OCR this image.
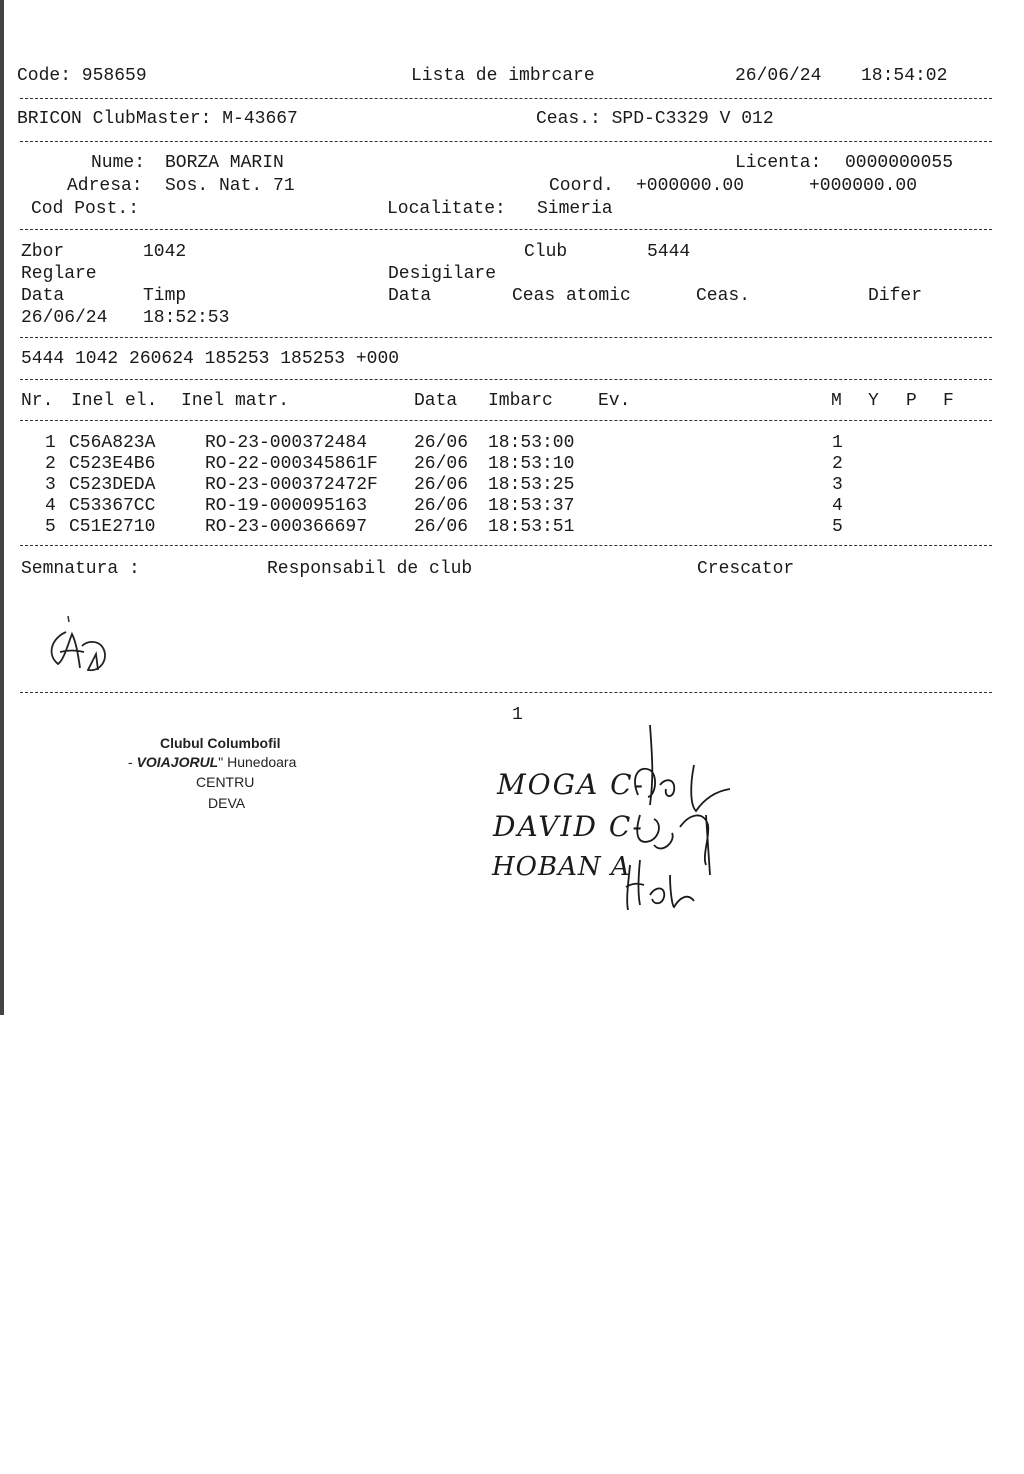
Code: 958659	Lista de imbrcare	26/06/24 18:54:02
BRICON ClubMaster: M-43667	Ceas.: SPD-C3329 V 012
Nume: BORZA MARIN	Licenta: 0000000055
Adresa: Sos. Nat. 71	Coord. +000000.00	+000000.00
Cod Post.:	Localitate: Simeria
Zbor	1042	Club	5444
Reglare	Desigilare
Data	Timp	Data	Ceas atomic	Ceas.	Difer
26/06/24 18:52:53
5444 1042 260624 185253 185253 +000
Nr. Inel el. Inel matr.	Data Imbarc	Ev.	M Y P F
1 C56A823A	RO-23-000372484	26/06 18:53:00	1
2 C523E4B6	RO-22-000345861F 26/06 18:53:10	2
3 C523DEDA	RO-23-000372472F 26/06 18:53:25	3
4 C53367CC	RO-19-000095163	26/06 18:53:37	4
5 C51E2710	RO-23-000366697	26/06 18:53:51	5
Semnatura :	Responsabil de club	Crescator
1
Clubul Columbofil
- VOIAJORUL" Hunedoara
CENTRU
DEVA
MOGA C-
DAVID C-
HOBAN A
